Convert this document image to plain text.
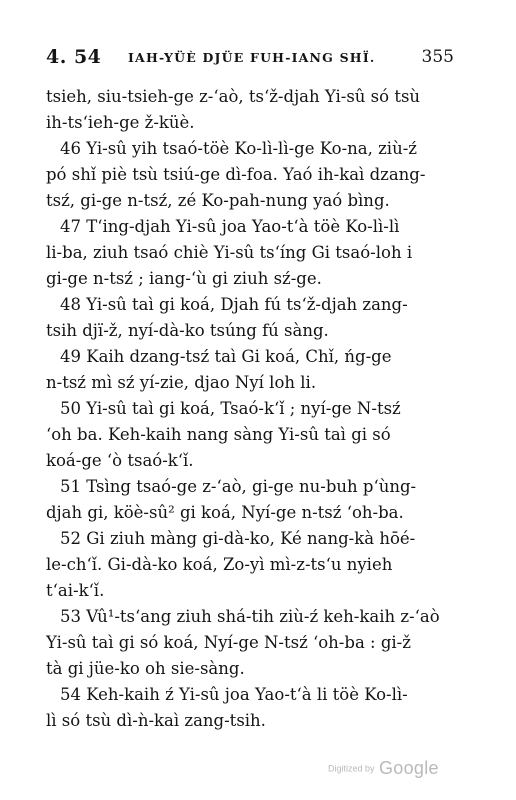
4. 54 IAH-YÜÈ DJÜE FUH-IANG SHÏ.	355
tsieh, siu-tsieh-ge z-‘aò, ts‘ž-djah Yi-sû só tsù
ih-ts‘ieh-ge ž-küè.
46 Yi-sû yih tsaó-töè Ko-lì-lì-ge Ko-na, ziù-ź
pó shǐ piè tsù tsiú-ge dì-foa. Yaó ih-kaì dzang-
tsź, gi-ge n-tsź, zé Ko-pah-nung yaó bìng.
47 T‘ing-djah Yi-sû joa Yao-t‘à töè Ko-lì-lì
li-ba, ziuh tsaó chiè Yi-sû ts‘íng Gi tsaó-loh i
gi-ge n-tsź ; iang-‘ù gi ziuh sź-ge.
48 Yi-sû taì gi koá, Djah fú ts‘ž-djah zang-
tsih djï-ž, nyí-dà-ko tsúng fú sàng.
49 Kaih dzang-tsź taì Gi koá, Chǐ, ńg-ge
n-tsź mì sź yí-zie, djao Nyí loh li.
50 Yi-sû taì gi koá, Tsaó-k‘ǐ ; nyí-ge N-tsź
‘oh ba. Keh-kaih nang sàng Yi-sû taì gi só
koá-ge ‘ò tsaó-k‘ǐ.
51 Tsìng tsaó-ge z-‘aò, gi-ge nu-buh p‘ùng-
djah gi, köè-sû² gi koá, Nyí-ge n-tsź ‘oh-ba.
52 Gi ziuh màng gi-dà-ko, Ké nang-kà hōé-
le-ch‘ǐ. Gi-dà-ko koá, Zo-yì mì-z-ts‘u nyieh
t‘ai-k‘ǐ.
53 Vû¹-ts‘ang ziuh shá-tih ziù-ź keh-kaih z-‘aò
Yi-sû taì gi só koá, Nyí-ge N-tsź ‘oh-ba : gi-ž
tà gi jüe-ko oh sie-sàng.
54 Keh-kaih ź Yi-sû joa Yao-t‘à li töè Ko-lì-
lì só tsù dì-ǹ-kaì zang-tsih.
Digitized by Google
